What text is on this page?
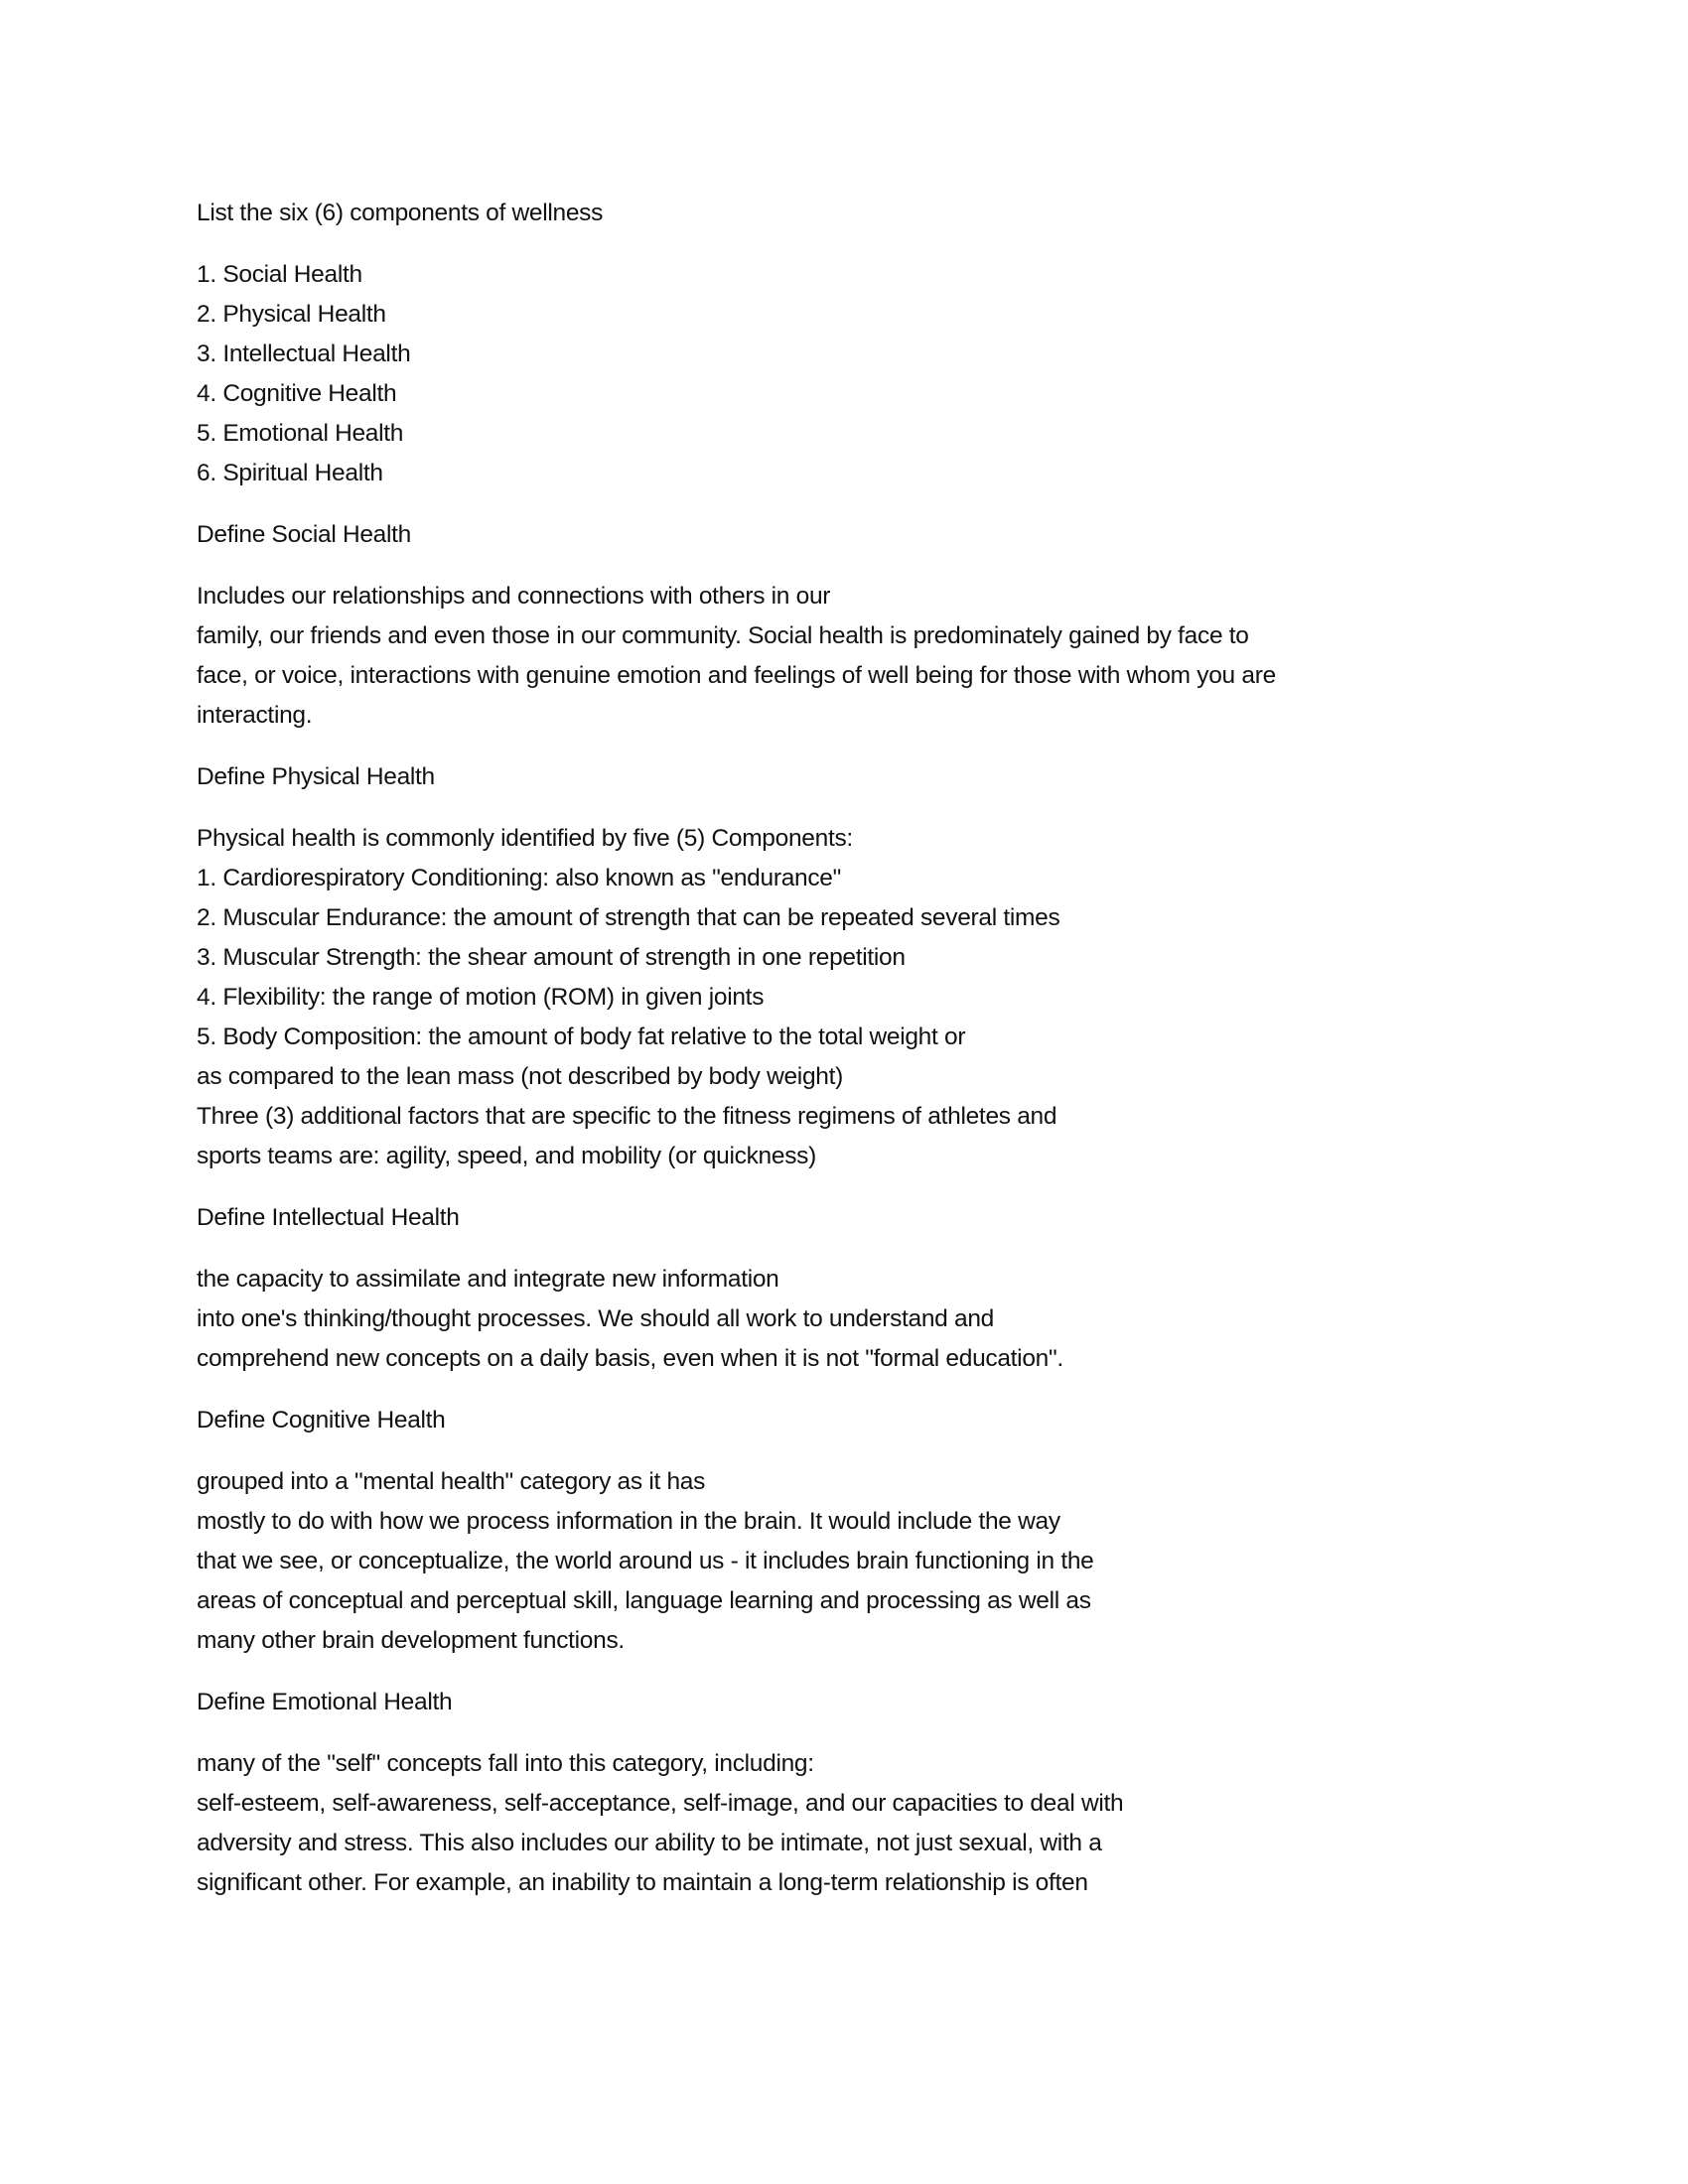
List the six (6) components of wellness
1. Social Health
2. Physical Health
3. Intellectual Health
4. Cognitive Health
5. Emotional Health
6. Spiritual Health
Define Social Health
Includes our relationships and connections with others in our
family, our friends and even those in our community. Social health is predominately gained by face to
face, or voice, interactions with genuine emotion and feelings of well being for those with whom you are
interacting.
Define Physical Health
Physical health is commonly identified by five (5) Components:
1. Cardiorespiratory Conditioning: also known as "endurance"
2. Muscular Endurance: the amount of strength that can be repeated several times
3. Muscular Strength: the shear amount of strength in one repetition
4. Flexibility: the range of motion (ROM) in given joints
5. Body Composition: the amount of body fat relative to the total weight or
as compared to the lean mass (not described by body weight)
Three (3) additional factors that are specific to the fitness regimens of athletes and
sports teams are: agility, speed, and mobility (or quickness)
Define Intellectual Health
the capacity to assimilate and integrate new information
into one's thinking/thought processes. We should all work to understand and
comprehend new concepts on a daily basis, even when it is not "formal education".
Define Cognitive Health
grouped into a "mental health" category as it has
mostly to do with how we process information in the brain. It would include the way
that we see, or conceptualize, the world around us - it includes brain functioning in the
areas of conceptual and perceptual skill, language learning and processing as well as
many other brain development functions.
Define Emotional Health
many of the "self" concepts fall into this category, including:
self-esteem, self-awareness, self-acceptance, self-image, and our capacities to deal with
adversity and stress. This also includes our ability to be intimate, not just sexual, with a
significant other. For example, an inability to maintain a long-term relationship is often
